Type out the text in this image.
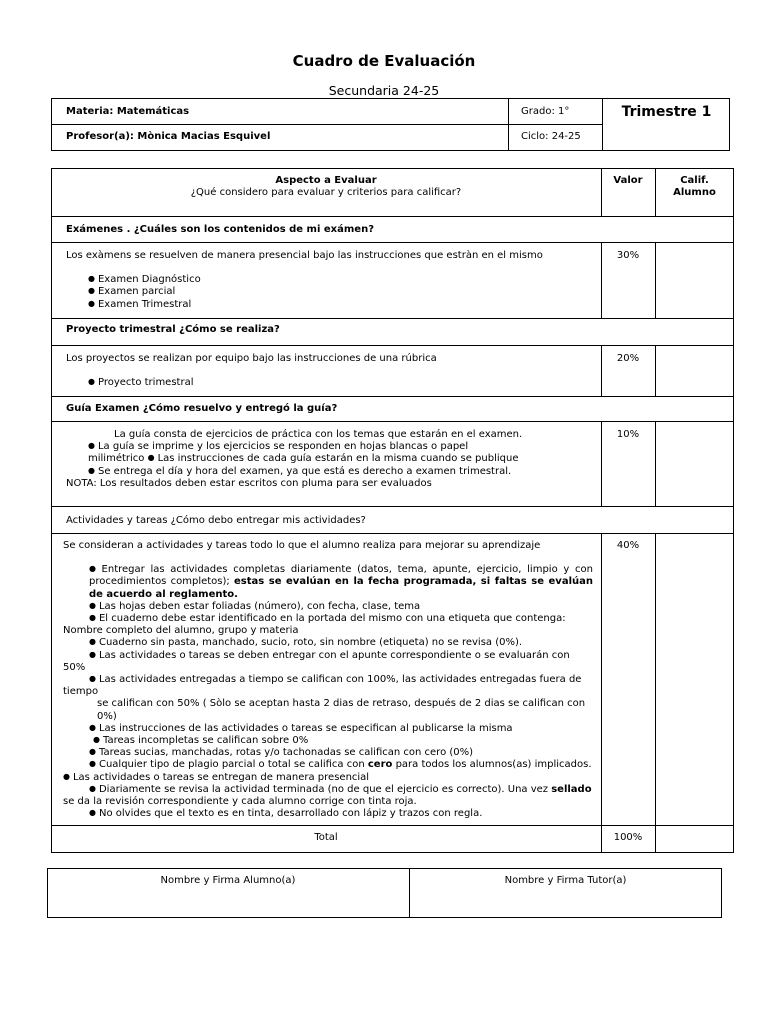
Cuadro de Evaluación
Secundaria 24-25
Materia: Matemáticas	Grado: 1°	Trimestre 1
Profesor(a): Mònica Macias Esquivel	Ciclo: 24-25
Aspecto a Evaluar
¿Qué considero para evaluar y criterios para calificar?
Valor	Calif.
Alumno
Exámenes . ¿Cuáles son los contenidos de mi exámen?

Los exàmens se resuelven de manera presencial bajo las instrucciones que estràn en el mismo

● Examen Diagnóstico
● Examen parcial
● Examen Trimestral
30%
Proyecto trimestral ¿Cómo se realiza?

Los proyectos se realizan por equipo bajo las instrucciones de una rúbrica

● Proyecto trimestral
20%
Guía Examen ¿Cómo resuelvo y entregó la guía?

La guía consta de ejercicios de práctica con los temas que estarán en el examen.

● La guía se imprime y los ejercicios se responden en hojas blancas o papel milimétrico ● Las instrucciones de cada guía estarán en la misma cuando se publique

● Se entrega el día y hora del examen, ya que está es derecho a examen trimestral.

NOTA: Los resultados deben estar escritos con pluma para ser evaluados

10%
Actividades y tareas ¿Cómo debo entregar mis actividades?

Se consideran a actividades y tareas todo lo que el alumno realiza para mejorar su aprendizaje

● Entregar las actividades completas diariamente (datos, tema, apunte, ejercicio, limpio y con procedimientos completos); estas se evalúan en la fecha programada, si faltas se evalúan de acuerdo al reglamento.

● Las hojas deben estar foliadas (número), con fecha, clase, tema

● El cuaderno debe estar identificado en la portada del mismo con una etiqueta que contenga: Nombre completo del alumno, grupo y materia

● Cuaderno sin pasta, manchado, sucio, roto, sin nombre (etiqueta) no se revisa (0%).

● Las actividades o tareas se deben entregar con el apunte correspondiente o se evaluarán con 50%

● Las actividades entregadas a tiempo se califican con 100%, las actividades entregadas fuera de tiempo

se califican con 50% ( Sòlo se aceptan hasta 2 dias de retraso, después de 2 dias se califican con 0%)

● Las instrucciones de las actividades o tareas se especifican al publicarse la misma

● Tareas incompletas se califican sobre 0%

● Tareas sucias, manchadas, rotas y/o tachonadas se califican con cero (0%)

● Cualquier tipo de plagio parcial o total se califica con cero para todos los alumnos(as) implicados. ● Las actividades o tareas se entregan de manera presencial

● Diariamente se revisa la actividad terminada (no de que el ejercicio es correcto). Una vez sellado se da la revisión correspondiente y cada alumno corrige con tinta roja.

● No olvides que el texto es en tinta, desarrollado con lápiz y trazos con regla.

40%
Total	100%
Nombre y Firma Alumno(a)	Nombre y Firma Tutor(a)
